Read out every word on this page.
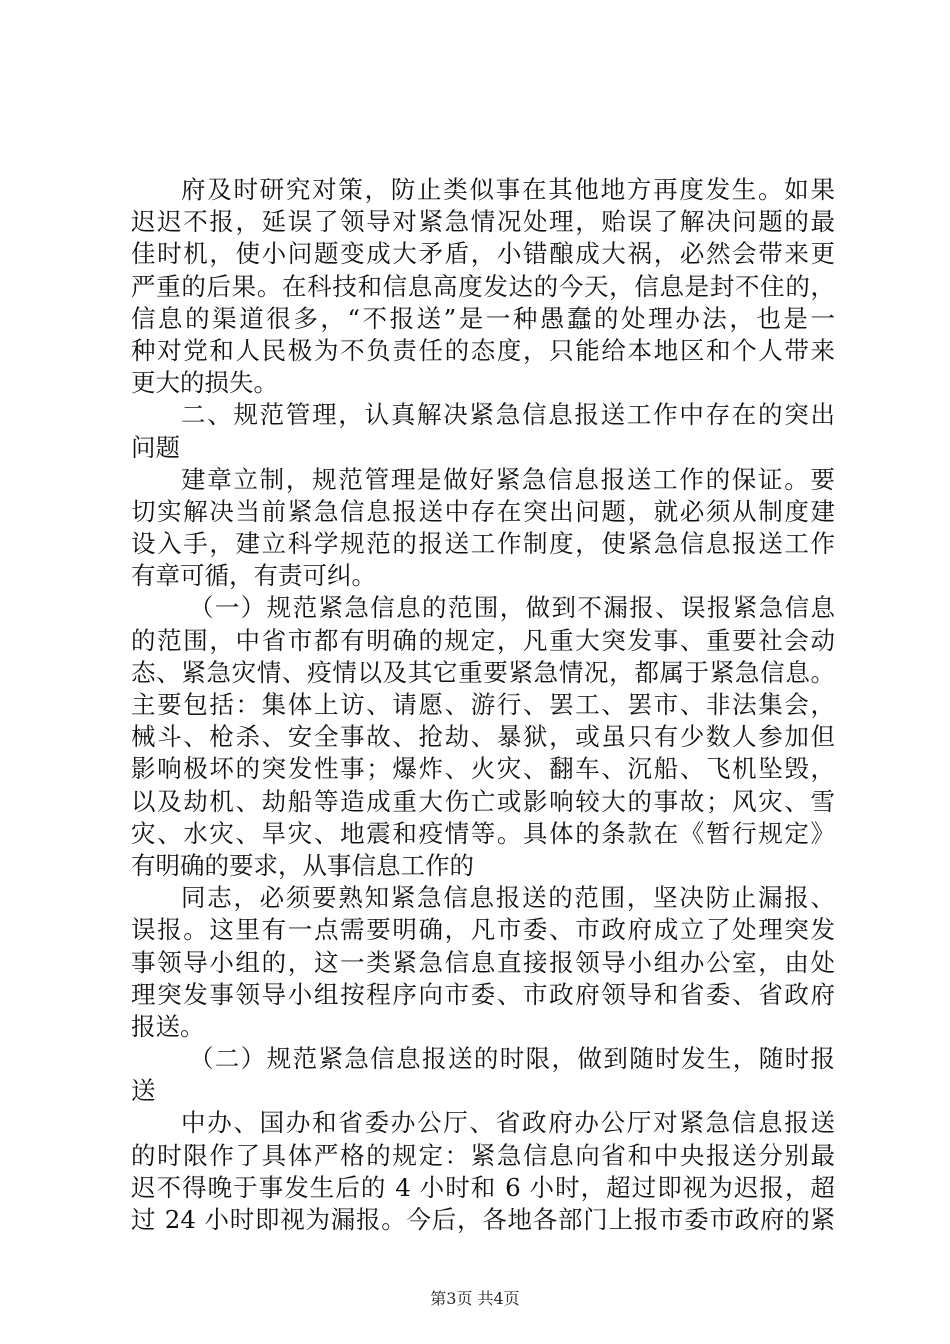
府及时研究对策，防止类似事在其他地方再度发生。如果
迟迟不报，延误了领导对紧急情况处理，贻误了解决问题的最
佳时机，使小问题变成大矛盾，小错酿成大祸，必然会带来更
严重的后果。在科技和信息高度发达的今天，信息是封不住的，
信息的渠道很多，“不报送”是一种愚蠢的处理办法，也是一
种对党和人民极为不负责任的态度，只能给本地区和个人带来
更大的损失。
二、规范管理，认真解决紧急信息报送工作中存在的突出
问题
建章立制，规范管理是做好紧急信息报送工作的保证。要
切实解决当前紧急信息报送中存在突出问题，就必须从制度建
设入手，建立科学规范的报送工作制度，使紧急信息报送工作
有章可循，有责可纠。
（一）规范紧急信息的范围，做到不漏报、误报紧急信息
的范围，中省市都有明确的规定，凡重大突发事、重要社会动
态、紧急灾情、疫情以及其它重要紧急情况，都属于紧急信息。
主要包括：集体上访、请愿、游行、罢工、罢市、非法集会，
械斗、枪杀、安全事故、抢劫、暴狱，或虽只有少数人参加但
影响极坏的突发性事；爆炸、火灾、翻车、沉船、飞机坠毁，
以及劫机、劫船等造成重大伤亡或影响较大的事故；风灾、雪
灾、水灾、旱灾、地震和疫情等。具体的条款在《暂行规定》
有明确的要求，从事信息工作的
同志，必须要熟知紧急信息报送的范围，坚决防止漏报、
误报。这里有一点需要明确，凡市委、市政府成立了处理突发
事领导小组的，这一类紧急信息直接报领导小组办公室，由处
理突发事领导小组按程序向市委、市政府领导和省委、省政府
报送。
（二）规范紧急信息报送的时限，做到随时发生，随时报
送
中办、国办和省委办公厅、省政府办公厅对紧急信息报送
的时限作了具体严格的规定：紧急信息向省和中央报送分别最
迟不得晚于事发生后的 4 小时和 6 小时，超过即视为迟报，超
过 24 小时即视为漏报。今后，各地各部门上报市委市政府的紧
第3页 共4页
